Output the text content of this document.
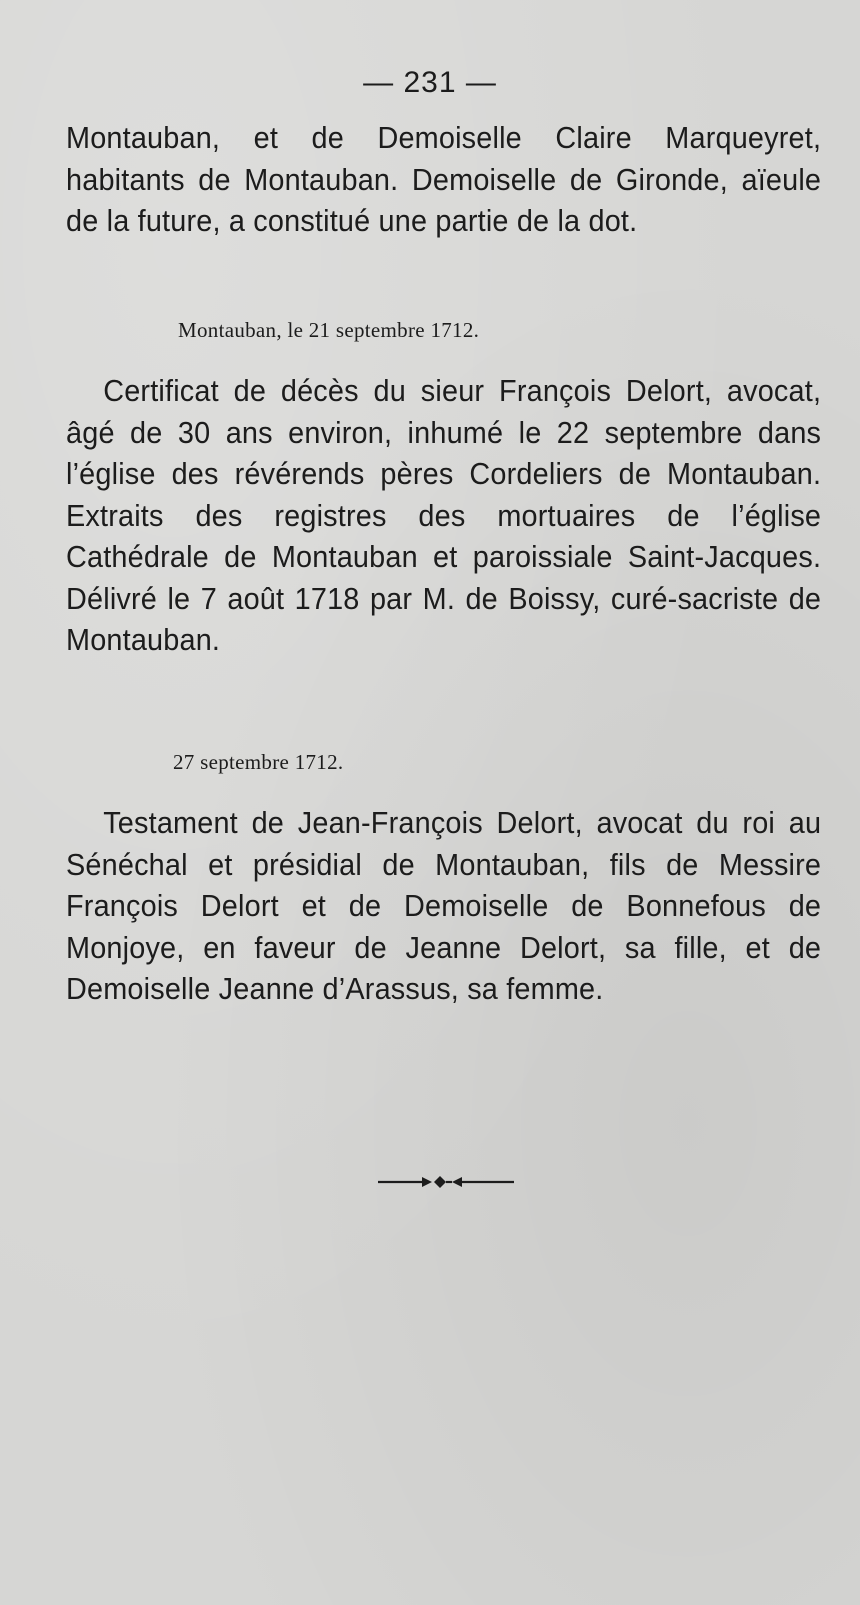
— 231 —

Montauban, et de Demoiselle Claire Marqueyret, habitants de Montauban. Demoiselle de Gironde, aïeule de la future, a constitué une partie de la dot.

Montauban, le 21 septembre 1712.

Certificat de décès du sieur François Delort, avocat, âgé de 30 ans environ, inhumé le 22 septembre dans l’église des révérends pères Cordeliers de Montauban. Extraits des registres des mortuaires de l’église Cathédrale de Montauban et paroissiale Saint-Jacques. Délivré le 7 août 1718 par M. de Boissy, curé-sacriste de Montauban.

27 septembre 1712.

Testament de Jean-François Delort, avocat du roi au Sénéchal et présidial de Montauban, fils de Messire François Delort et de Demoiselle de Bonnefous de Monjoye, en faveur de Jeanne Delort, sa fille, et de Demoiselle Jeanne d’Arassus, sa femme.
